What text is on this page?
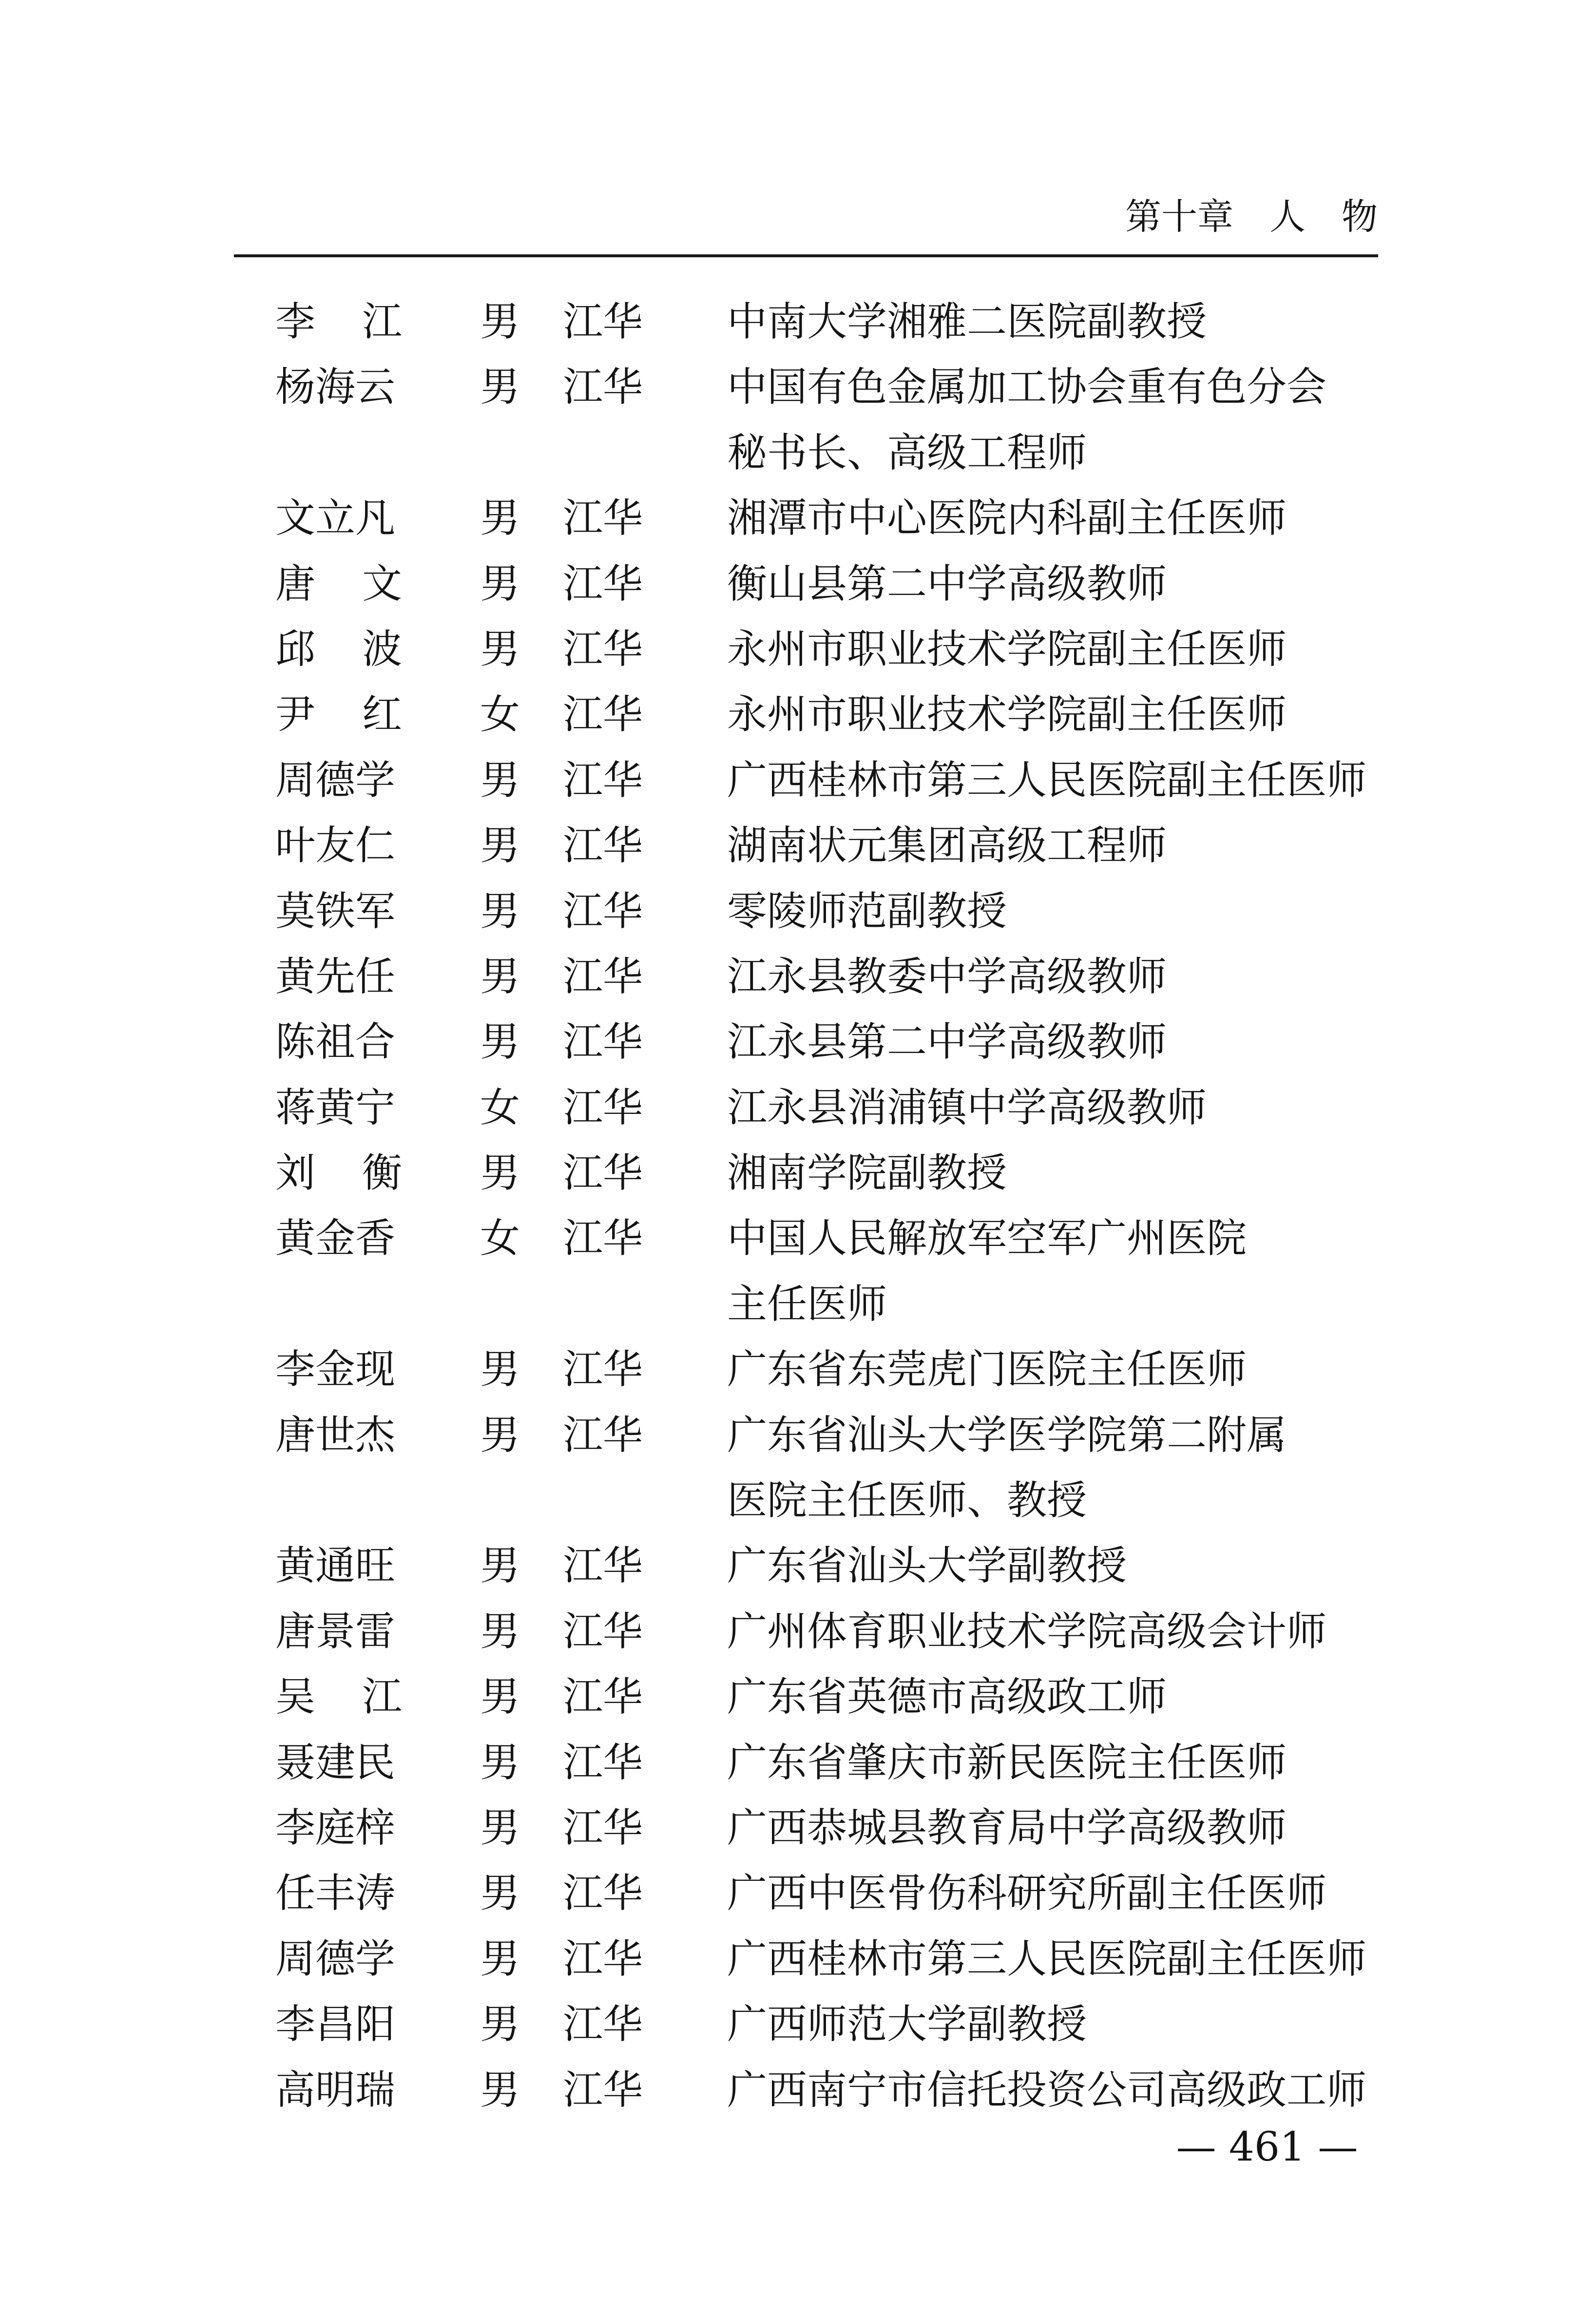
第十章　人　物
李 江 男 江华 中南大学湘雅二医院副教授
杨海云 男 江华 中国有色金属加工协会重有色分会
秘书长、高级工程师
文立凡 男 江华 湘潭市中心医院内科副主任医师
唐 文 男 江华 衡山县第二中学高级教师
邱 波 男 江华 永州市职业技术学院副主任医师
尹 红 女 江华 永州市职业技术学院副主任医师
周德学 男 江华 广西桂林市第三人民医院副主任医师
叶友仁 男 江华 湖南状元集团高级工程师
莫铁军 男 江华 零陵师范副教授
黄先任 男 江华 江永县教委中学高级教师
陈祖合 男 江华 江永县第二中学高级教师
蒋黄宁 女 江华 江永县消浦镇中学高级教师
刘 衡 男 江华 湘南学院副教授
黄金香 女 江华 中国人民解放军空军广州医院
主任医师
李金现 男 江华 广东省东莞虎门医院主任医师
唐世杰 男 江华 广东省汕头大学医学院第二附属
医院主任医师、教授
黄通旺 男 江华 广东省汕头大学副教授
唐景雷 男 江华 广州体育职业技术学院高级会计师
吴 江 男 江华 广东省英德市高级政工师
聂建民 男 江华 广东省肇庆市新民医院主任医师
李庭梓 男 江华 广西恭城县教育局中学高级教师
任丰涛 男 江华 广西中医骨伤科研究所副主任医师
周德学 男 江华 广西桂林市第三人民医院副主任医师
李昌阳 男 江华 广西师范大学副教授
高明瑞 男 江华 广西南宁市信托投资公司高级政工师
— 461 —
